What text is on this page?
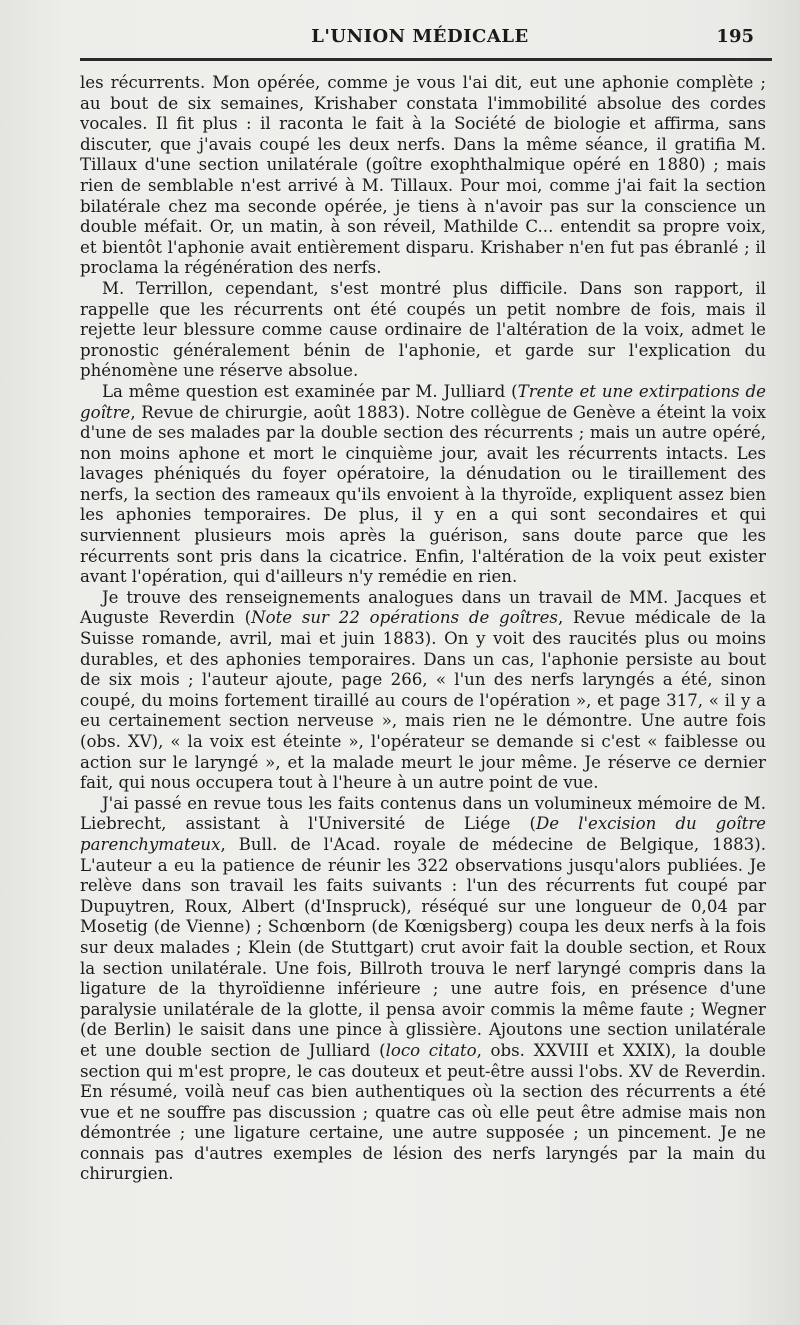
L'UNION MÉDICALE	195

les récurrents. Mon opérée, comme je vous l'ai dit, eut une aphonie complète ; au bout de six semaines, Krishaber constata l'immobilité absolue des cordes vocales. Il fit plus : il raconta le fait à la Société de biologie et affirma, sans discuter, que j'avais coupé les deux nerfs. Dans la même séance, il gratifia M. Tillaux d'une section unilatérale (goître exophthalmique opéré en 1880) ; mais rien de semblable n'est arrivé à M. Tillaux. Pour moi, comme j'ai fait la section bilatérale chez ma seconde opérée, je tiens à n'avoir pas sur la conscience un double méfait. Or, un matin, à son réveil, Mathilde C... entendit sa propre voix, et bientôt l'aphonie avait entièrement disparu. Krishaber n'en fut pas ébranlé ; il proclama la régénération des nerfs.

M. Terrillon, cependant, s'est montré plus difficile. Dans son rapport, il rappelle que les récurrents ont été coupés un petit nombre de fois, mais il rejette leur blessure comme cause ordinaire de l'altération de la voix, admet le pronostic généralement bénin de l'aphonie, et garde sur l'explication du phénomène une réserve absolue.

La même question est examinée par M. Julliard (Trente et une extirpations de goître, Revue de chirurgie, août 1883). Notre collègue de Genève a éteint la voix d'une de ses malades par la double section des récurrents ; mais un autre opéré, non moins aphone et mort le cinquième jour, avait les récurrents intacts. Les lavages phéniqués du foyer opératoire, la dénudation ou le tiraillement des nerfs, la section des rameaux qu'ils envoient à la thyroïde, expliquent assez bien les aphonies temporaires. De plus, il y en a qui sont secondaires et qui surviennent plusieurs mois après la guérison, sans doute parce que les récurrents sont pris dans la cicatrice. Enfin, l'altération de la voix peut exister avant l'opération, qui d'ailleurs n'y remédie en rien.

Je trouve des renseignements analogues dans un travail de MM. Jacques et Auguste Reverdin (Note sur 22 opérations de goîtres, Revue médicale de la Suisse romande, avril, mai et juin 1883). On y voit des raucités plus ou moins durables, et des aphonies temporaires. Dans un cas, l'aphonie persiste au bout de six mois ; l'auteur ajoute, page 266, « l'un des nerfs laryngés a été, sinon coupé, du moins fortement tiraillé au cours de l'opération », et page 317, « il y a eu certainement section nerveuse », mais rien ne le démontre. Une autre fois (obs. XV), « la voix est éteinte », l'opérateur se demande si c'est « faiblesse ou action sur le laryngé », et la malade meurt le jour même. Je réserve ce dernier fait, qui nous occupera tout à l'heure à un autre point de vue.

J'ai passé en revue tous les faits contenus dans un volumineux mémoire de M. Liebrecht, assistant à l'Université de Liége (De l'excision du goître parenchymateux, Bull. de l'Acad. royale de médecine de Belgique, 1883). L'auteur a eu la patience de réunir les 322 observations jusqu'alors publiées. Je relève dans son travail les faits suivants : l'un des récurrents fut coupé par Dupuytren, Roux, Albert (d'Inspruck), réséqué sur une longueur de 0,04 par Mosetig (de Vienne) ; Schœnborn (de Kœnigsberg) coupa les deux nerfs à la fois sur deux malades ; Klein (de Stuttgart) crut avoir fait la double section, et Roux la section unilatérale. Une fois, Billroth trouva le nerf laryngé compris dans la ligature de la thyroïdienne inférieure ; une autre fois, en présence d'une paralysie unilatérale de la glotte, il pensa avoir commis la même faute ; Wegner (de Berlin) le saisit dans une pince à glissière. Ajoutons une section unilatérale et une double section de Julliard (loco citato, obs. XXVIII et XXIX), la double section qui m'est propre, le cas douteux et peut-être aussi l'obs. XV de Reverdin. En résumé, voilà neuf cas bien authentiques où la section des récurrents a été vue et ne souffre pas discussion ; quatre cas où elle peut être admise mais non démontrée ; une ligature certaine, une autre supposée ; un pincement. Je ne connais pas d'autres exemples de lésion des nerfs laryngés par la main du chirurgien.
